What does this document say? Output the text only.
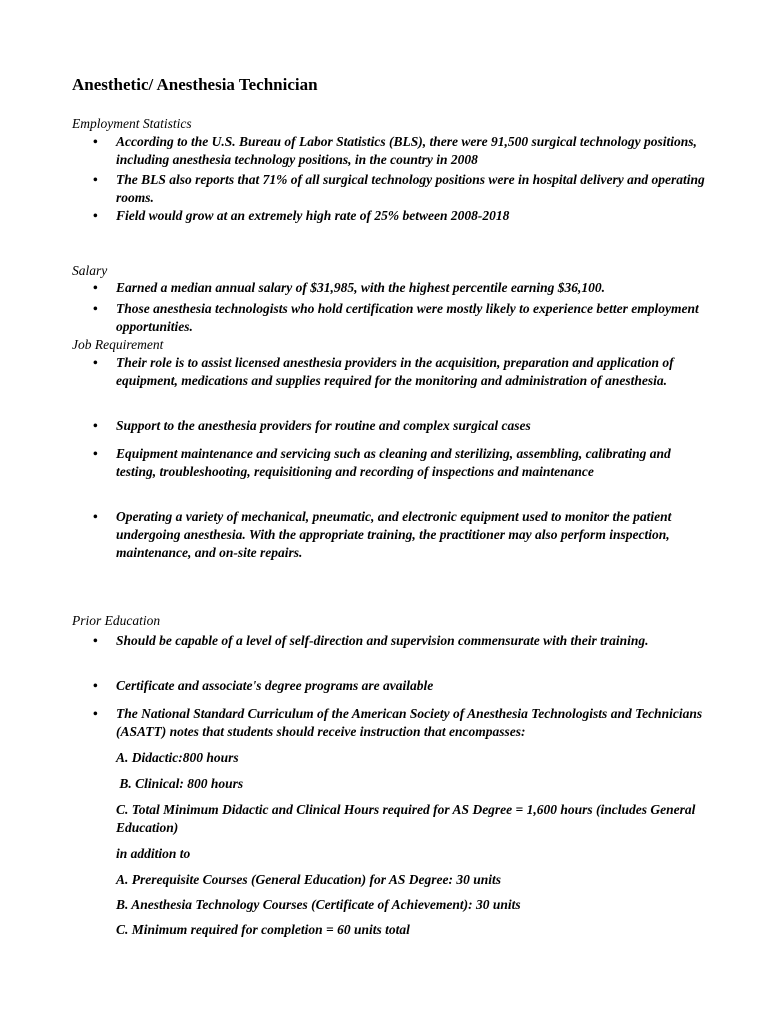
Anesthetic/ Anesthesia Technician
Employment Statistics
• According to the U.S. Bureau of Labor Statistics (BLS), there were 91,500 surgical technology positions, including anesthesia technology positions, in the country in 2008
• The BLS also reports that 71% of all surgical technology positions were in hospital delivery and operating rooms.
• Field would grow at an extremely high rate of 25% between 2008-2018
Salary
• Earned a median annual salary of $31,985, with the highest percentile earning $36,100.
• Those anesthesia technologists who hold certification were mostly likely to experience better employment opportunities.
Job Requirement
• Their role is to assist licensed anesthesia providers in the acquisition, preparation and application of equipment, medications and supplies required for the monitoring and administration of anesthesia.
• Support to the anesthesia providers for routine and complex surgical cases
• Equipment maintenance and servicing such as cleaning and sterilizing, assembling, calibrating and testing, troubleshooting, requisitioning and recording of inspections and maintenance
• Operating a variety of mechanical, pneumatic, and electronic equipment used to monitor the patient undergoing anesthesia. With the appropriate training, the practitioner may also perform inspection, maintenance, and on-site repairs.
Prior Education
• Should be capable of a level of self-direction and supervision commensurate with their training.
• Certificate and associate's degree programs are available
• The National Standard Curriculum of the American Society of Anesthesia Technologists and Technicians (ASATT) notes that students should receive instruction that encompasses:
A. Didactic:800 hours
B. Clinical: 800 hours
C. Total Minimum Didactic and Clinical Hours required for AS Degree = 1,600 hours (includes General Education)
in addition to
A. Prerequisite Courses (General Education) for AS Degree: 30 units
B. Anesthesia Technology Courses (Certificate of Achievement): 30 units
C. Minimum required for completion = 60 units total
